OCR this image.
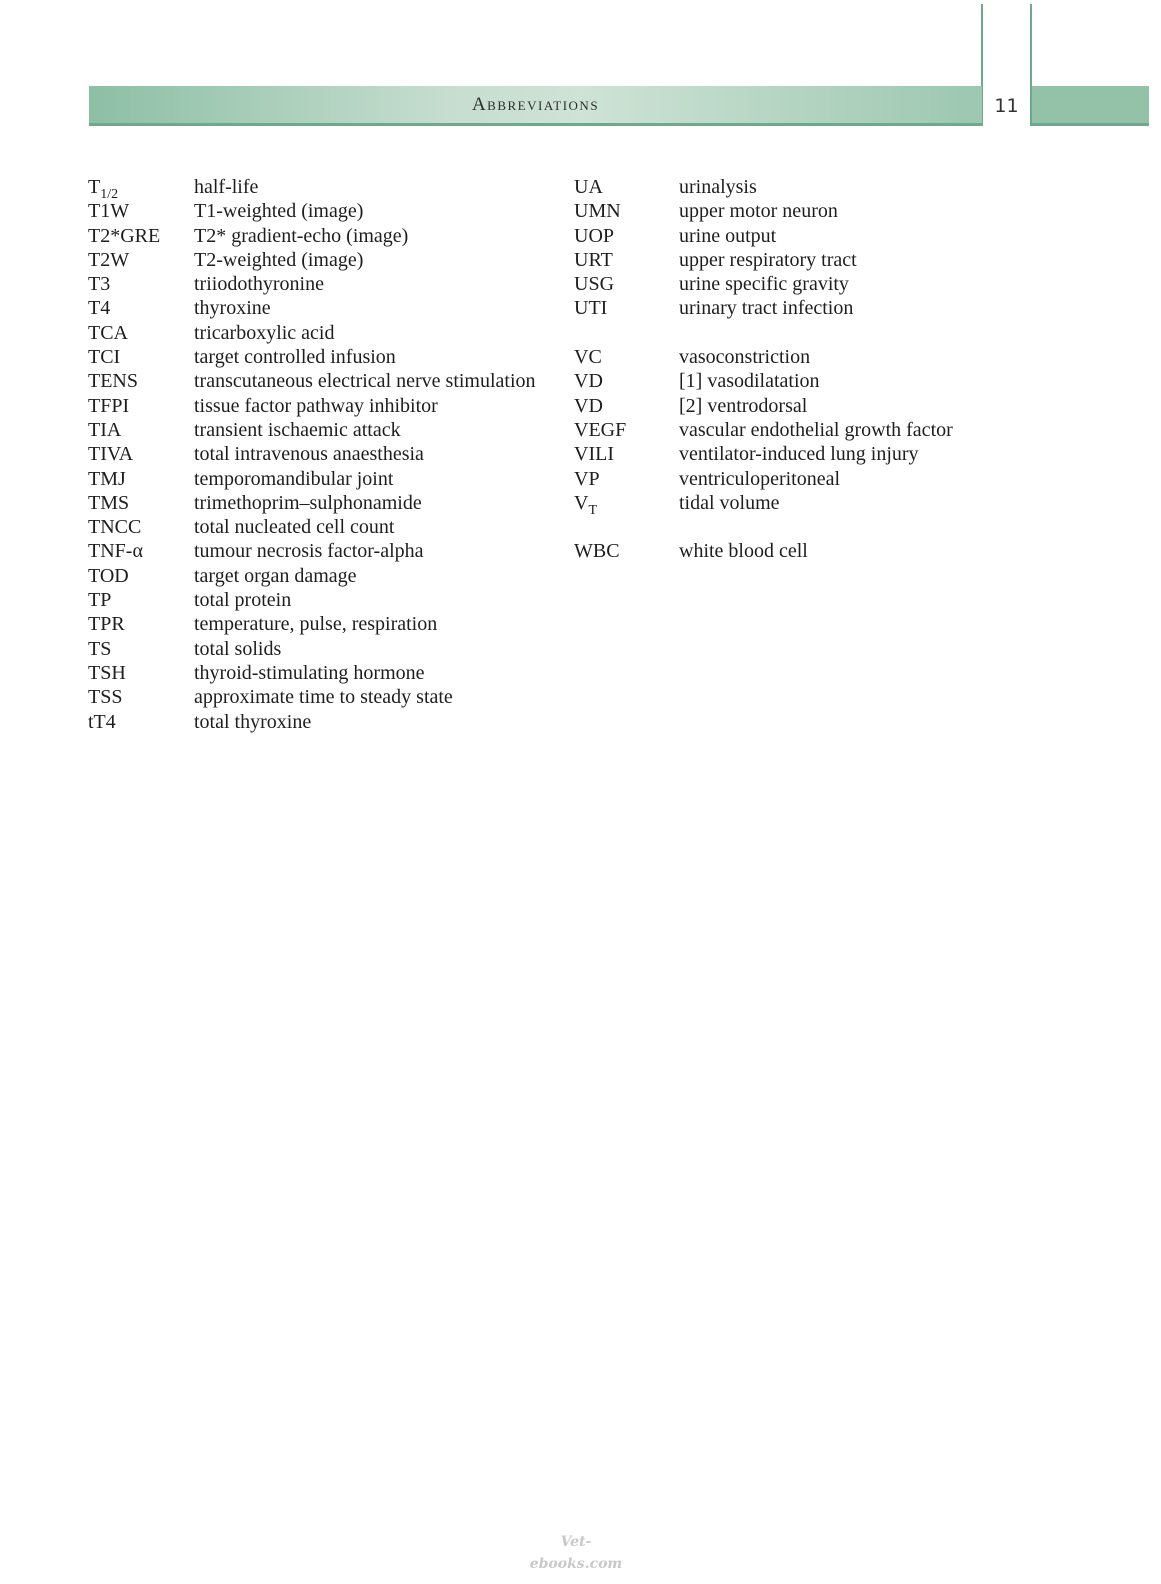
Abbreviations	11
$T_{1/2}$	half-life
T1W	T1-weighted (image)
T2*GRE T2* gradient-echo (image)
T2W	T2-weighted (image)
T3	triiodothyronine
T4	thyroxine
TCA	tricarboxylic acid
TCI	target controlled infusion
TENS	transcutaneous electrical nerve stimulation
TFPI	tissue factor pathway inhibitor
TIA	transient ischaemic attack
TIVA	total intravenous anaesthesia
TMJ	temporomandibular joint
TMS	trimethoprim–sulphonamide
TNCC	total nucleated cell count
TNF-α	tumour necrosis factor-alpha
TOD	target organ damage
TP	total protein
TPR	temperature, pulse, respiration
TS	total solids
TSH	thyroid-stimulating hormone
TSS	approximate time to steady state
tT4	total thyroxine
UA	urinalysis
UMN	upper motor neuron
UOP	urine output
URT	upper respiratory tract
USG	urine specific gravity
UTI	urinary tract infection
VC	vasoconstriction
VD	[1] vasodilatation
VD	[2] ventrodorsal
VEGF	vascular endothelial growth factor
VILI	ventilator-induced lung injury
VP	ventriculoperitoneal
$V_T$	tidal volume
WBC	white blood cell
Vet-ebooks.com
